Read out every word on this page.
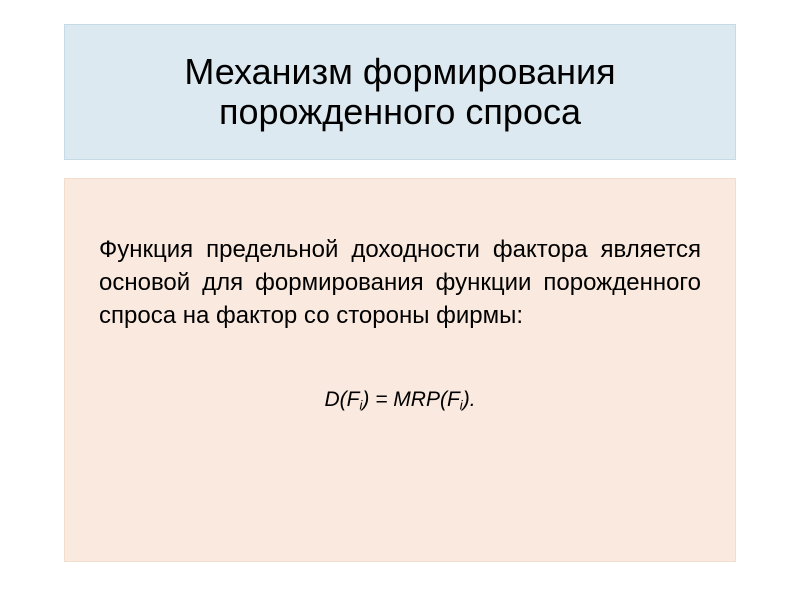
Механизм формирования
порожденного спроса

Функция предельной доходности фактора является основой для формирования функции порожденного спроса на фактор со стороны фирмы:

$D(F_i) = MRP(F_i)$.
